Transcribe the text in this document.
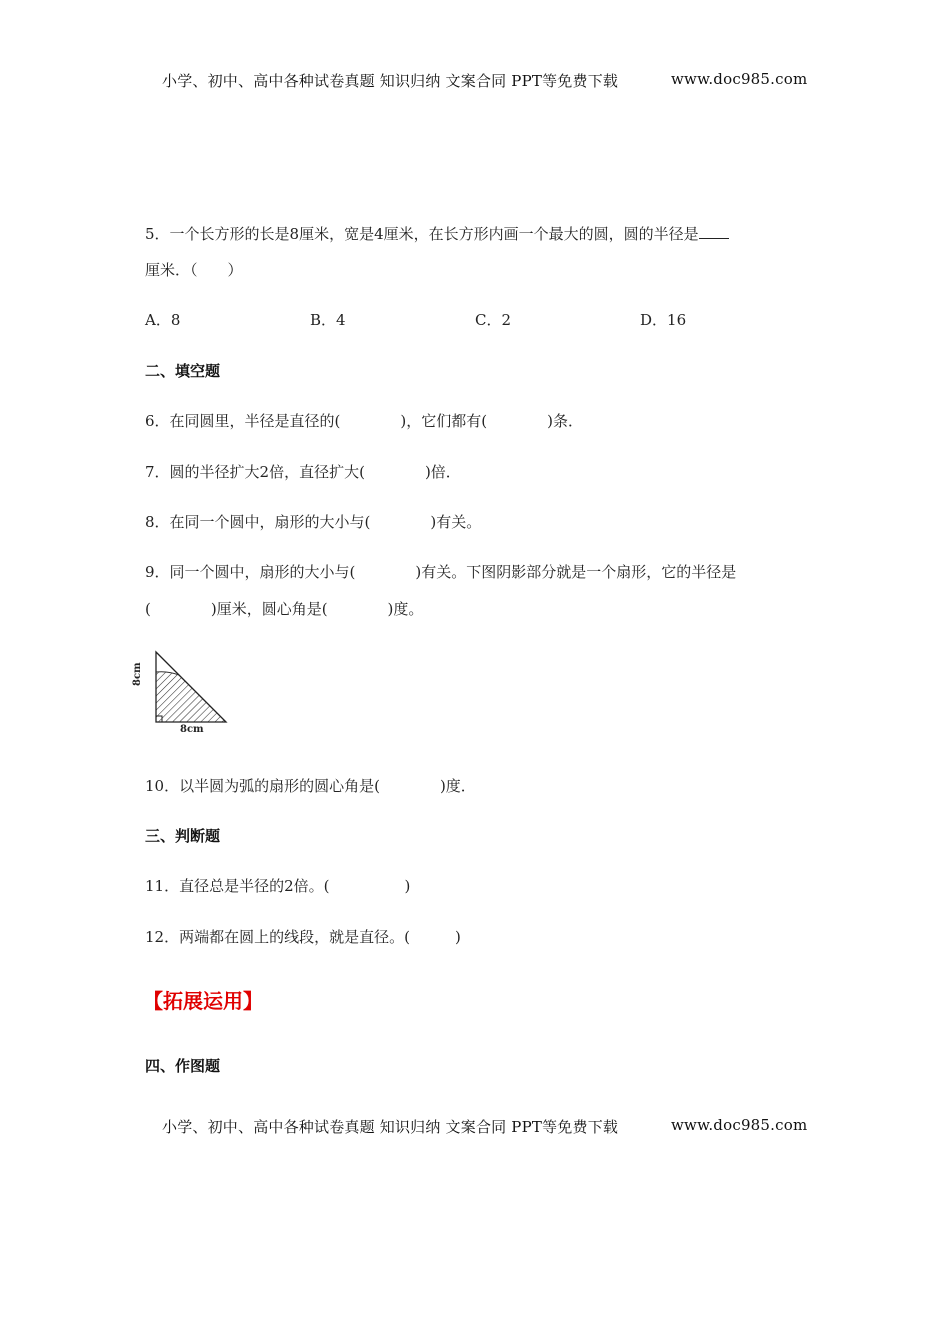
小学、初中、高中各种试卷真题 知识归纳 文案合同 PPT等免费下载	www.doc985.com
5．一个长方形的长是8厘米，宽是4厘米，在长方形内画一个最大的圆，圆的半径是
厘米．（　　）
A．8	B．4	C．2	D．16
二、填空题
6．在同圆里，半径是直径的(　　　　)，它们都有(　　　　)条．
7．圆的半径扩大2倍，直径扩大(　　　　)倍．
8．在同一个圆中，扇形的大小与(　　　　)有关。
9．同一个圆中，扇形的大小与(　　　　)有关。下图阴影部分就是一个扇形，它的半径是
(　　　　)厘米，圆心角是(　　　　)度。
8cm
8cm
10．以半圆为弧的扇形的圆心角是(　　　　)度．
三、判断题
11．直径总是半径的2倍。(　　　　　)
12．两端都在圆上的线段，就是直径。(　　　)
【拓展运用】
四、作图题
小学、初中、高中各种试卷真题 知识归纳 文案合同 PPT等免费下载	www.doc985.com
